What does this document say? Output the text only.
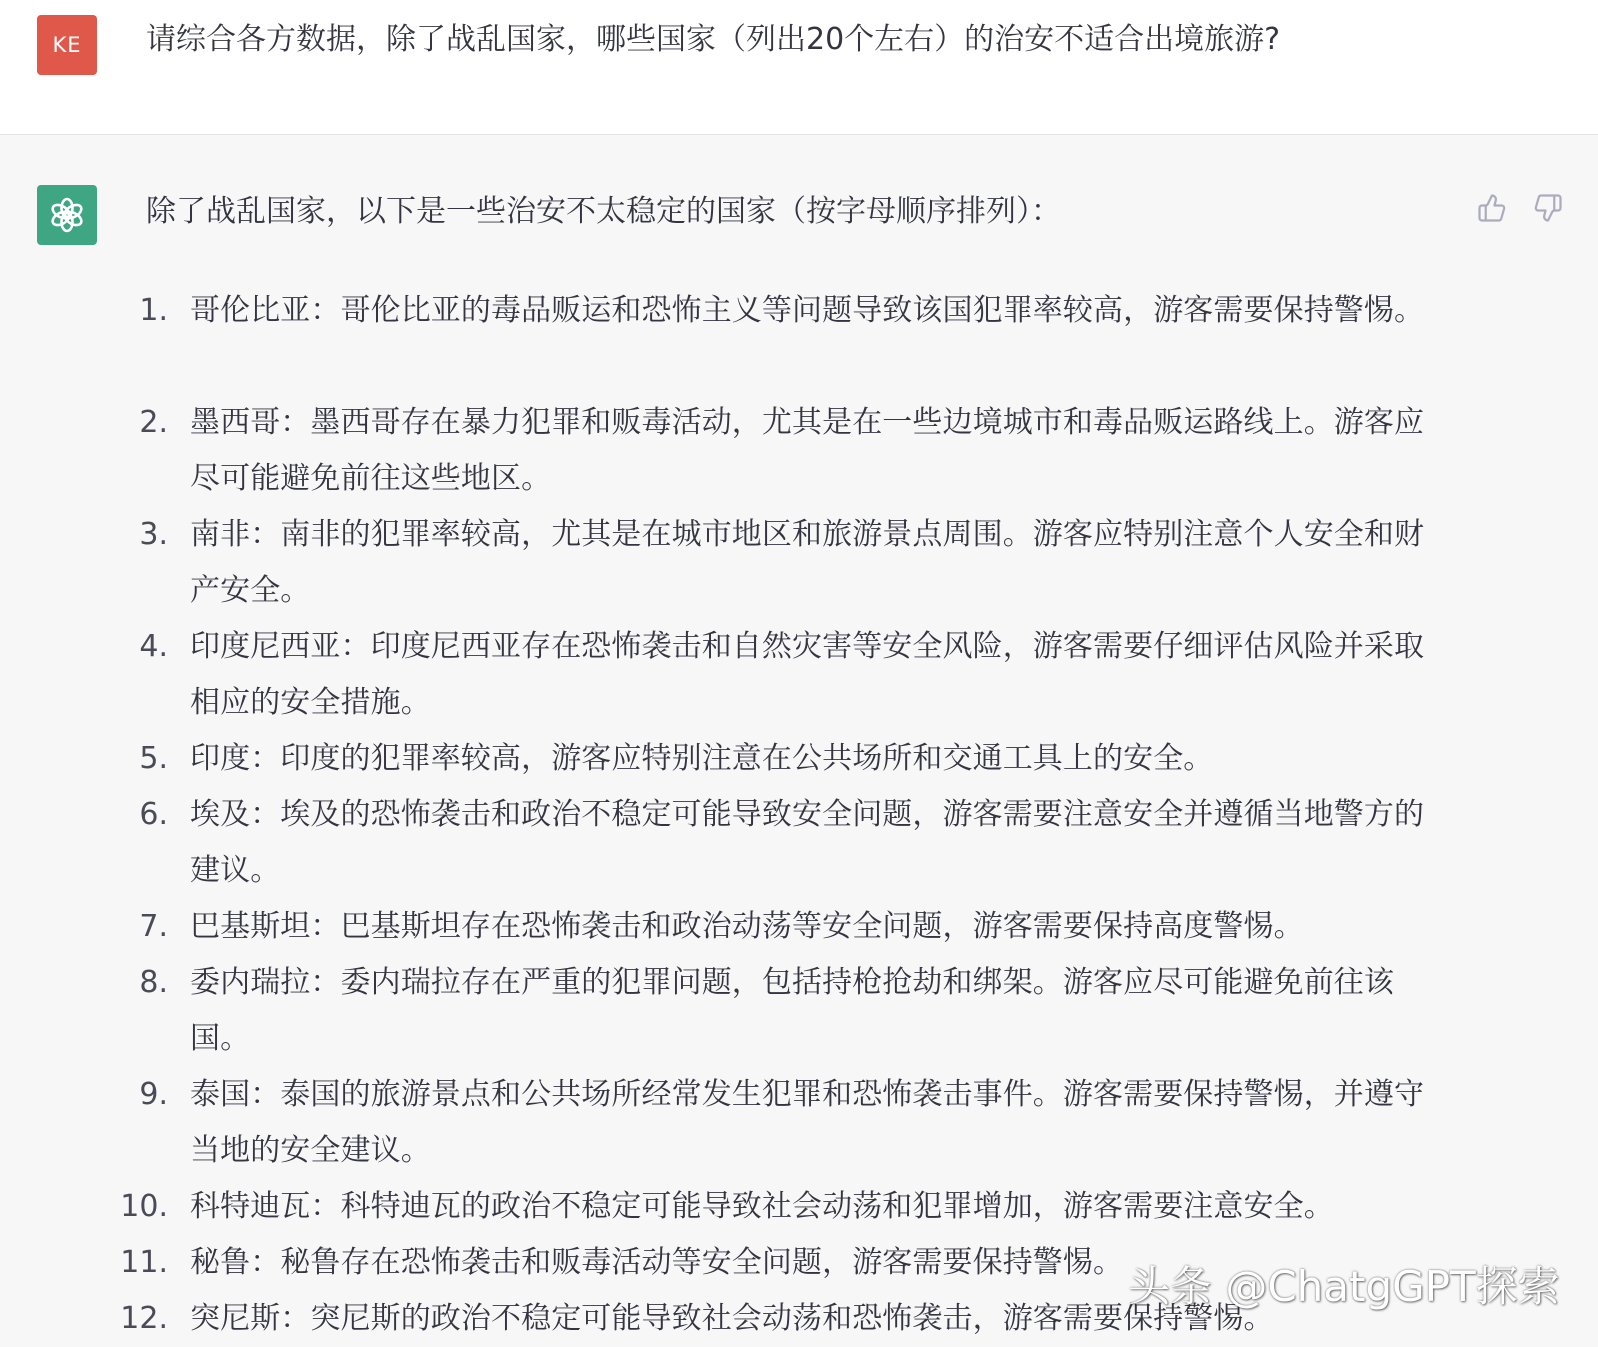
KE 请综合各方数据，除了战乱国家，哪些国家（列出20个左右）的治安不适合出境旅游?
除了战乱国家，以下是一些治安不太稳定的国家（按字母顺序排列）：
1. 哥伦比亚：哥伦比亚的毒品贩运和恐怖主义等问题导致该国犯罪率较高，游客需要保持警惕。
2. 墨西哥：墨西哥存在暴力犯罪和贩毒活动，尤其是在一些边境城市和毒品贩运路线上。游客应尽可能避免前往这些地区。
3. 南非：南非的犯罪率较高，尤其是在城市地区和旅游景点周围。游客应特别注意个人安全和财产安全。
4. 印度尼西亚：印度尼西亚存在恐怖袭击和自然灾害等安全风险，游客需要仔细评估风险并采取相应的安全措施。
5. 印度：印度的犯罪率较高，游客应特别注意在公共场所和交通工具上的安全。
6. 埃及：埃及的恐怖袭击和政治不稳定可能导致安全问题，游客需要注意安全并遵循当地警方的建议。
7. 巴基斯坦：巴基斯坦存在恐怖袭击和政治动荡等安全问题，游客需要保持高度警惕。
8. 委内瑞拉：委内瑞拉存在严重的犯罪问题，包括持枪抢劫和绑架。游客应尽可能避免前往该国。
9. 泰国：泰国的旅游景点和公共场所经常发生犯罪和恐怖袭击事件。游客需要保持警惕，并遵守当地的安全建议。
10. 科特迪瓦：科特迪瓦的政治不稳定可能导致社会动荡和犯罪增加，游客需要注意安全。
11. 秘鲁：秘鲁存在恐怖袭击和贩毒活动等安全问题，游客需要保持警惕。
12. 突尼斯：突尼斯的政治不稳定可能导致社会动荡和恐怖袭击，游客需要保持警惕。
头条 @ChatgGPT探索
